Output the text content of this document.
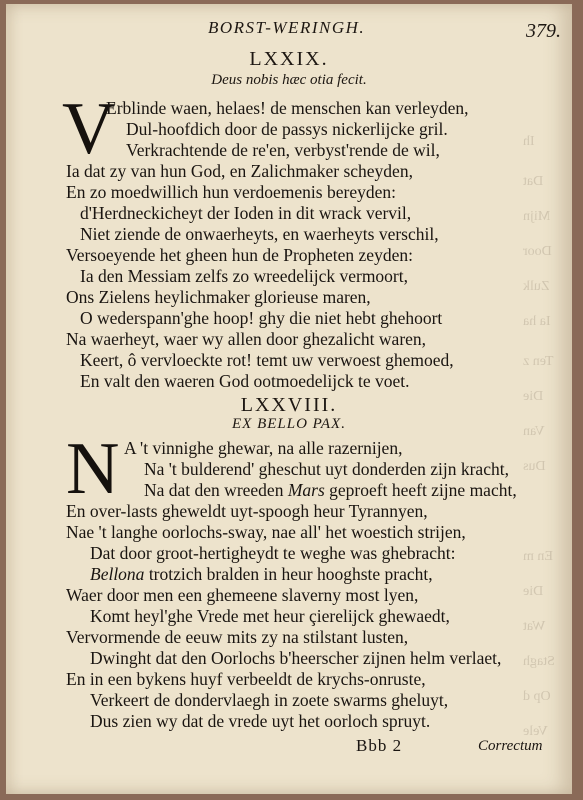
Ih
Dat
Mijn
Door
Zulk
Ia ha
Ten z
Die
Van
Dus
En m
Die
Wat
Stagh
Op d
Vele
BORST-WERINGH.	379.
LXXIX.
Deus nobis hæc otia fecit.
V
Erblinde waen, helaes! de menschen kan verleyden,
Dul-hoofdich door de passys nickerlijcke gril.
Verkrachtende de re'en, verbyst'rende de wil,
Ia dat zy van hun God, en Zalichmaker scheyden,
En zo moedwillich hun verdoemenis bereyden:
d'Herdneckicheyt der Ioden in dit wrack vervil,
Niet ziende de onwaerheyts, en waerheyts verschil,
Versoeyende het gheen hun de Propheten zeyden:
Ia den Messiam zelfs zo wreedelijck vermoort,
Ons Zielens heylichmaker glorieuse maren,
O wederspann'ghe hoop! ghy die niet hebt ghehoort
Na waerheyt, waer wy allen door ghezalicht waren,
Keert, ô vervloeckte rot! temt uw verwoest ghemoed,
En valt den waeren God ootmoedelijck te voet.
LXXVIII.
EX BELLO PAX.
N A 't vinnighe ghewar, na alle razernijen,
Na 't bulderend' gheschut uyt donderden zijn kracht,
Na dat den wreeden Mars geproeft heeft zijne macht,
En over-lasts gheweldt uyt-spoogh heur Tyrannyen,
Nae 't langhe oorlochs-sway, nae all' het woestich strijen,
Dat door groot-hertigheydt te weghe was ghebracht:
Bellona trotzich bralden in heur hooghste pracht,
Waer door men een ghemeene slaverny most lyen,
Komt heyl'ghe Vrede met heur çierelijck ghewaedt,
Vervormende de eeuw mits zy na stilstant lusten,
Dwinght dat den Oorlochs b'heerscher zijnen helm verlaet,
En in een bykens huyf verbeeldt de krychs-onruste,
Verkeert de dondervlaegh in zoete swarms gheluyt,
Dus zien wy dat de vrede uyt het oorloch spruyt.
Bbb 2	Correctum
